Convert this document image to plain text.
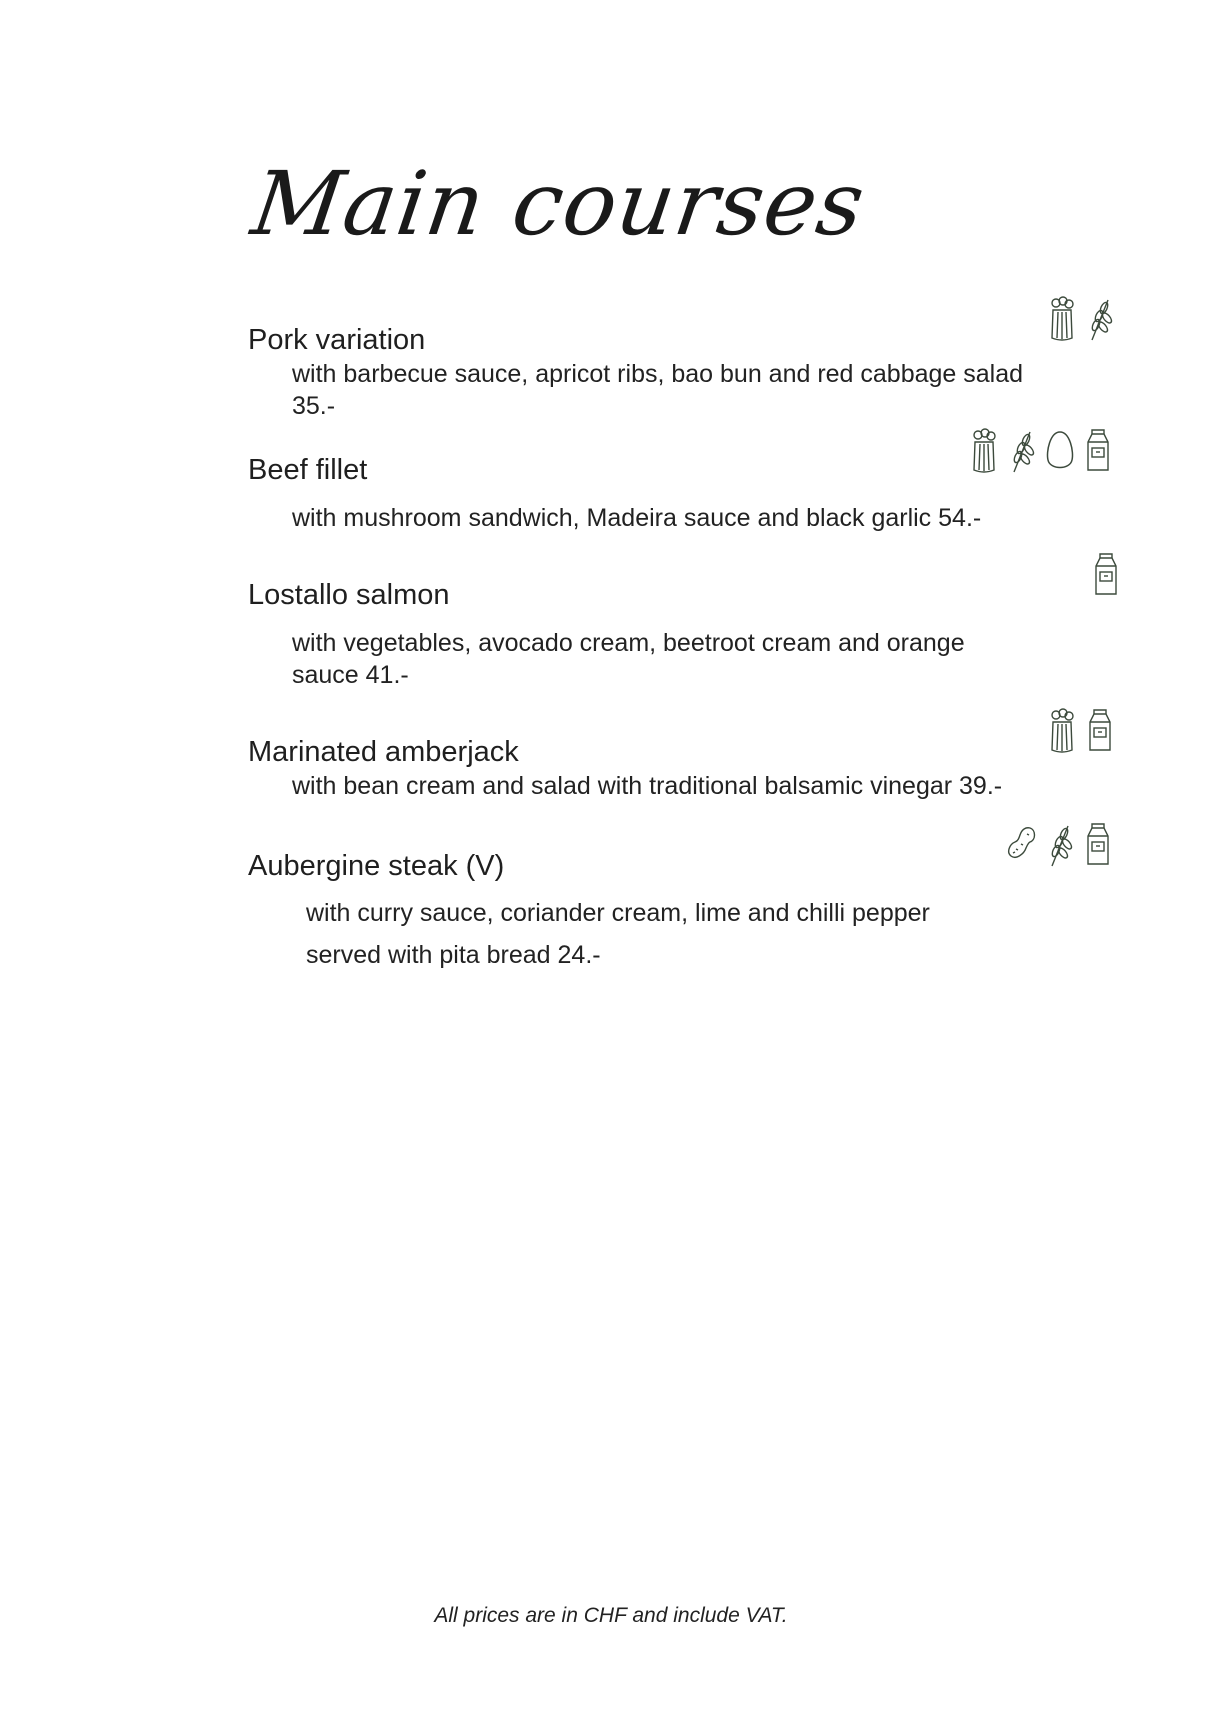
Main courses
Pork variation
with barbecue sauce, apricot ribs, bao bun and red cabbage salad
35.-
Beef fillet
with mushroom sandwich, Madeira sauce and black garlic 54.-
Lostallo salmon
with vegetables, avocado cream, beetroot cream and orange
sauce 41.-
Marinated amberjack
with bean cream and salad with traditional balsamic vinegar 39.-
Aubergine steak (V)
with curry sauce, coriander cream, lime and chilli pepper
served with pita bread 24.-
All prices are in CHF and include VAT.
